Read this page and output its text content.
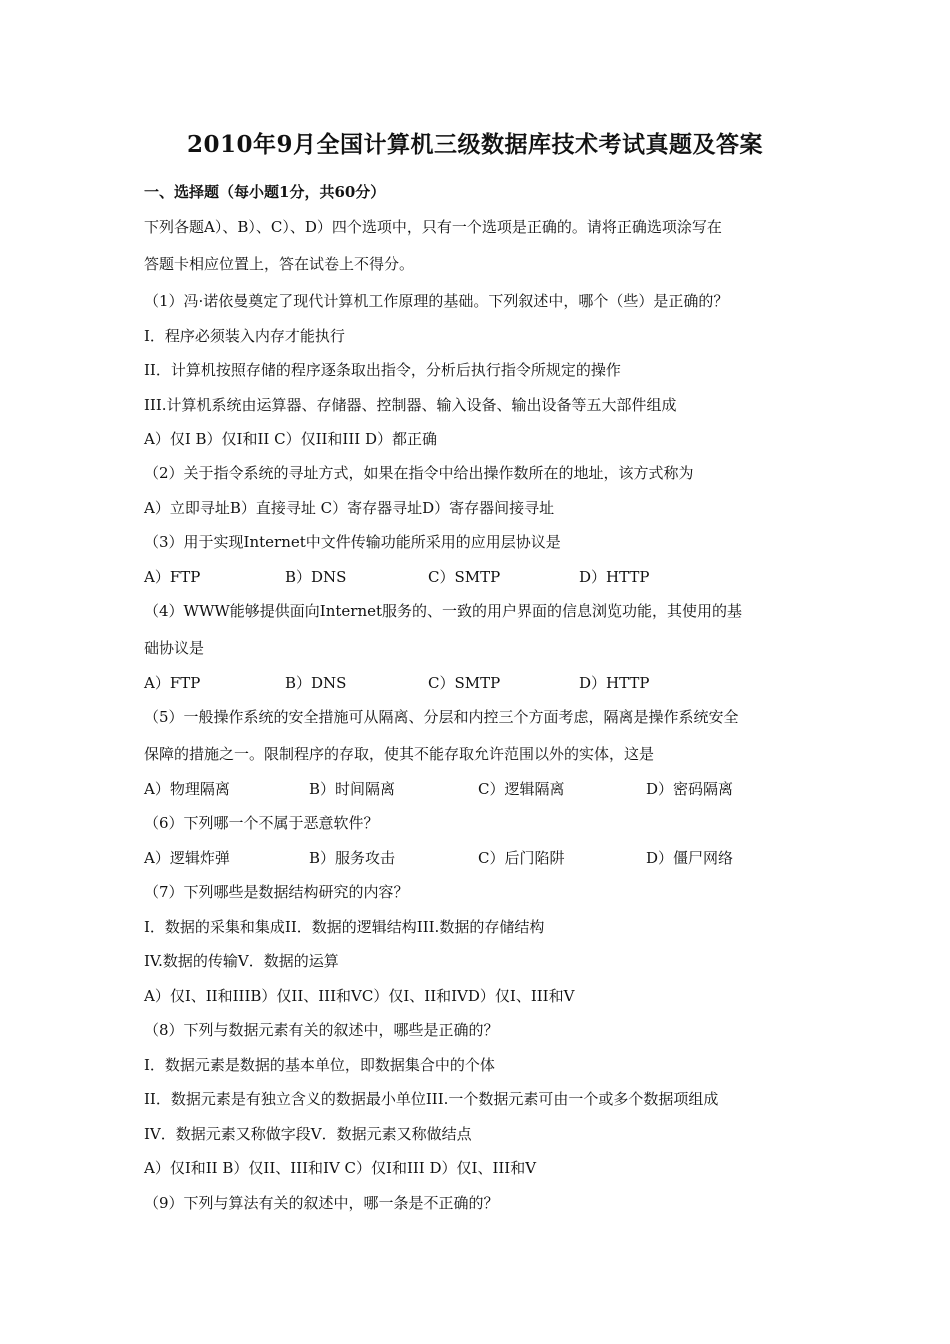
2010年9月全国计算机三级数据库技术考试真题及答案
一、选择题（每小题1分，共60分）
下列各题A）、B）、C）、D）四个选项中，只有一个选项是正确的。请将正确选项涂写在
答题卡相应位置上，答在试卷上不得分。
（1）冯·诺依曼奠定了现代计算机工作原理的基础。下列叙述中，哪个（些）是正确的？
I．程序必须装入内存才能执行
II．计算机按照存储的程序逐条取出指令，分析后执行指令所规定的操作
III.计算机系统由运算器、存储器、控制器、输入设备、输出设备等五大部件组成
A）仅I B）仅I和II C）仅II和III D）都正确
（2）关于指令系统的寻址方式，如果在指令中给出操作数所在的地址，该方式称为
A）立即寻址B）直接寻址 C）寄存器寻址D）寄存器间接寻址
（3）用于实现Internet中文件传输功能所采用的应用层协议是
A）FTP	B）DNS	C）SMTP	D）HTTP
（4）WWW能够提供面向Internet服务的、一致的用户界面的信息浏览功能，其使用的基
础协议是
A）FTP	B）DNS	C）SMTP	D）HTTP
（5）一般操作系统的安全措施可从隔离、分层和内控三个方面考虑，隔离是操作系统安全
保障的措施之一。限制程序的存取，使其不能存取允许范围以外的实体，这是
A）物理隔离	B）时间隔离	C）逻辑隔离	D）密码隔离
（6）下列哪一个不属于恶意软件？
A）逻辑炸弹	B）服务攻击	C）后门陷阱	D）僵尸网络
（7）下列哪些是数据结构研究的内容？
I．数据的采集和集成II．数据的逻辑结构III.数据的存储结构
IV.数据的传输V．数据的运算
A）仅I、II和IIIB）仅II、III和VC）仅I、II和IVD）仅I、III和V
（8）下列与数据元素有关的叙述中，哪些是正确的？
I．数据元素是数据的基本单位，即数据集合中的个体
II．数据元素是有独立含义的数据最小单位III.一个数据元素可由一个或多个数据项组成
IV．数据元素又称做字段V．数据元素又称做结点
A）仅I和II B）仅II、III和IV C）仅I和III D）仅I、III和V
（9）下列与算法有关的叙述中，哪一条是不正确的？
